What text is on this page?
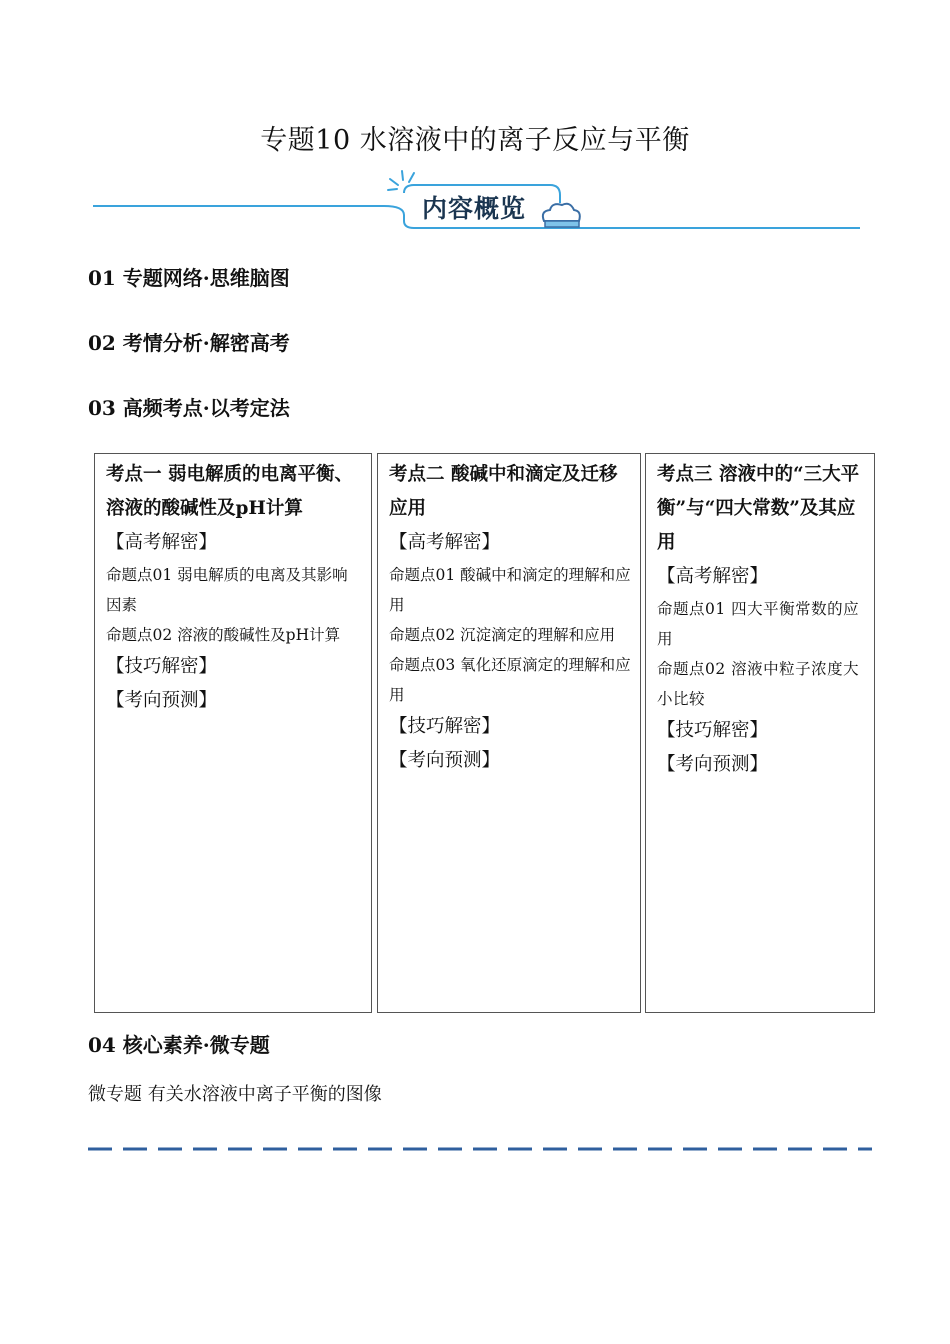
专题10 水溶液中的离子反应与平衡
内容概览
01 专题网络·思维脑图
02 考情分析·解密高考
03 高频考点·以考定法
考点一 弱电解质的电离平衡、溶液的酸碱性及pH计算
【高考解密】
命题点01 弱电解质的电离及其影响因素
命题点02 溶液的酸碱性及pH计算
【技巧解密】
【考向预测】
考点二 酸碱中和滴定及迁移应用
【高考解密】
命题点01 酸碱中和滴定的理解和应用
命题点02 沉淀滴定的理解和应用
命题点03 氧化还原滴定的理解和应用
【技巧解密】
【考向预测】
考点三 溶液中的“三大平衡”与“四大常数”及其应用
【高考解密】
命题点01 四大平衡常数的应用
命题点02 溶液中粒子浓度大小比较
【技巧解密】
【考向预测】
04 核心素养·微专题
微专题 有关水溶液中离子平衡的图像
